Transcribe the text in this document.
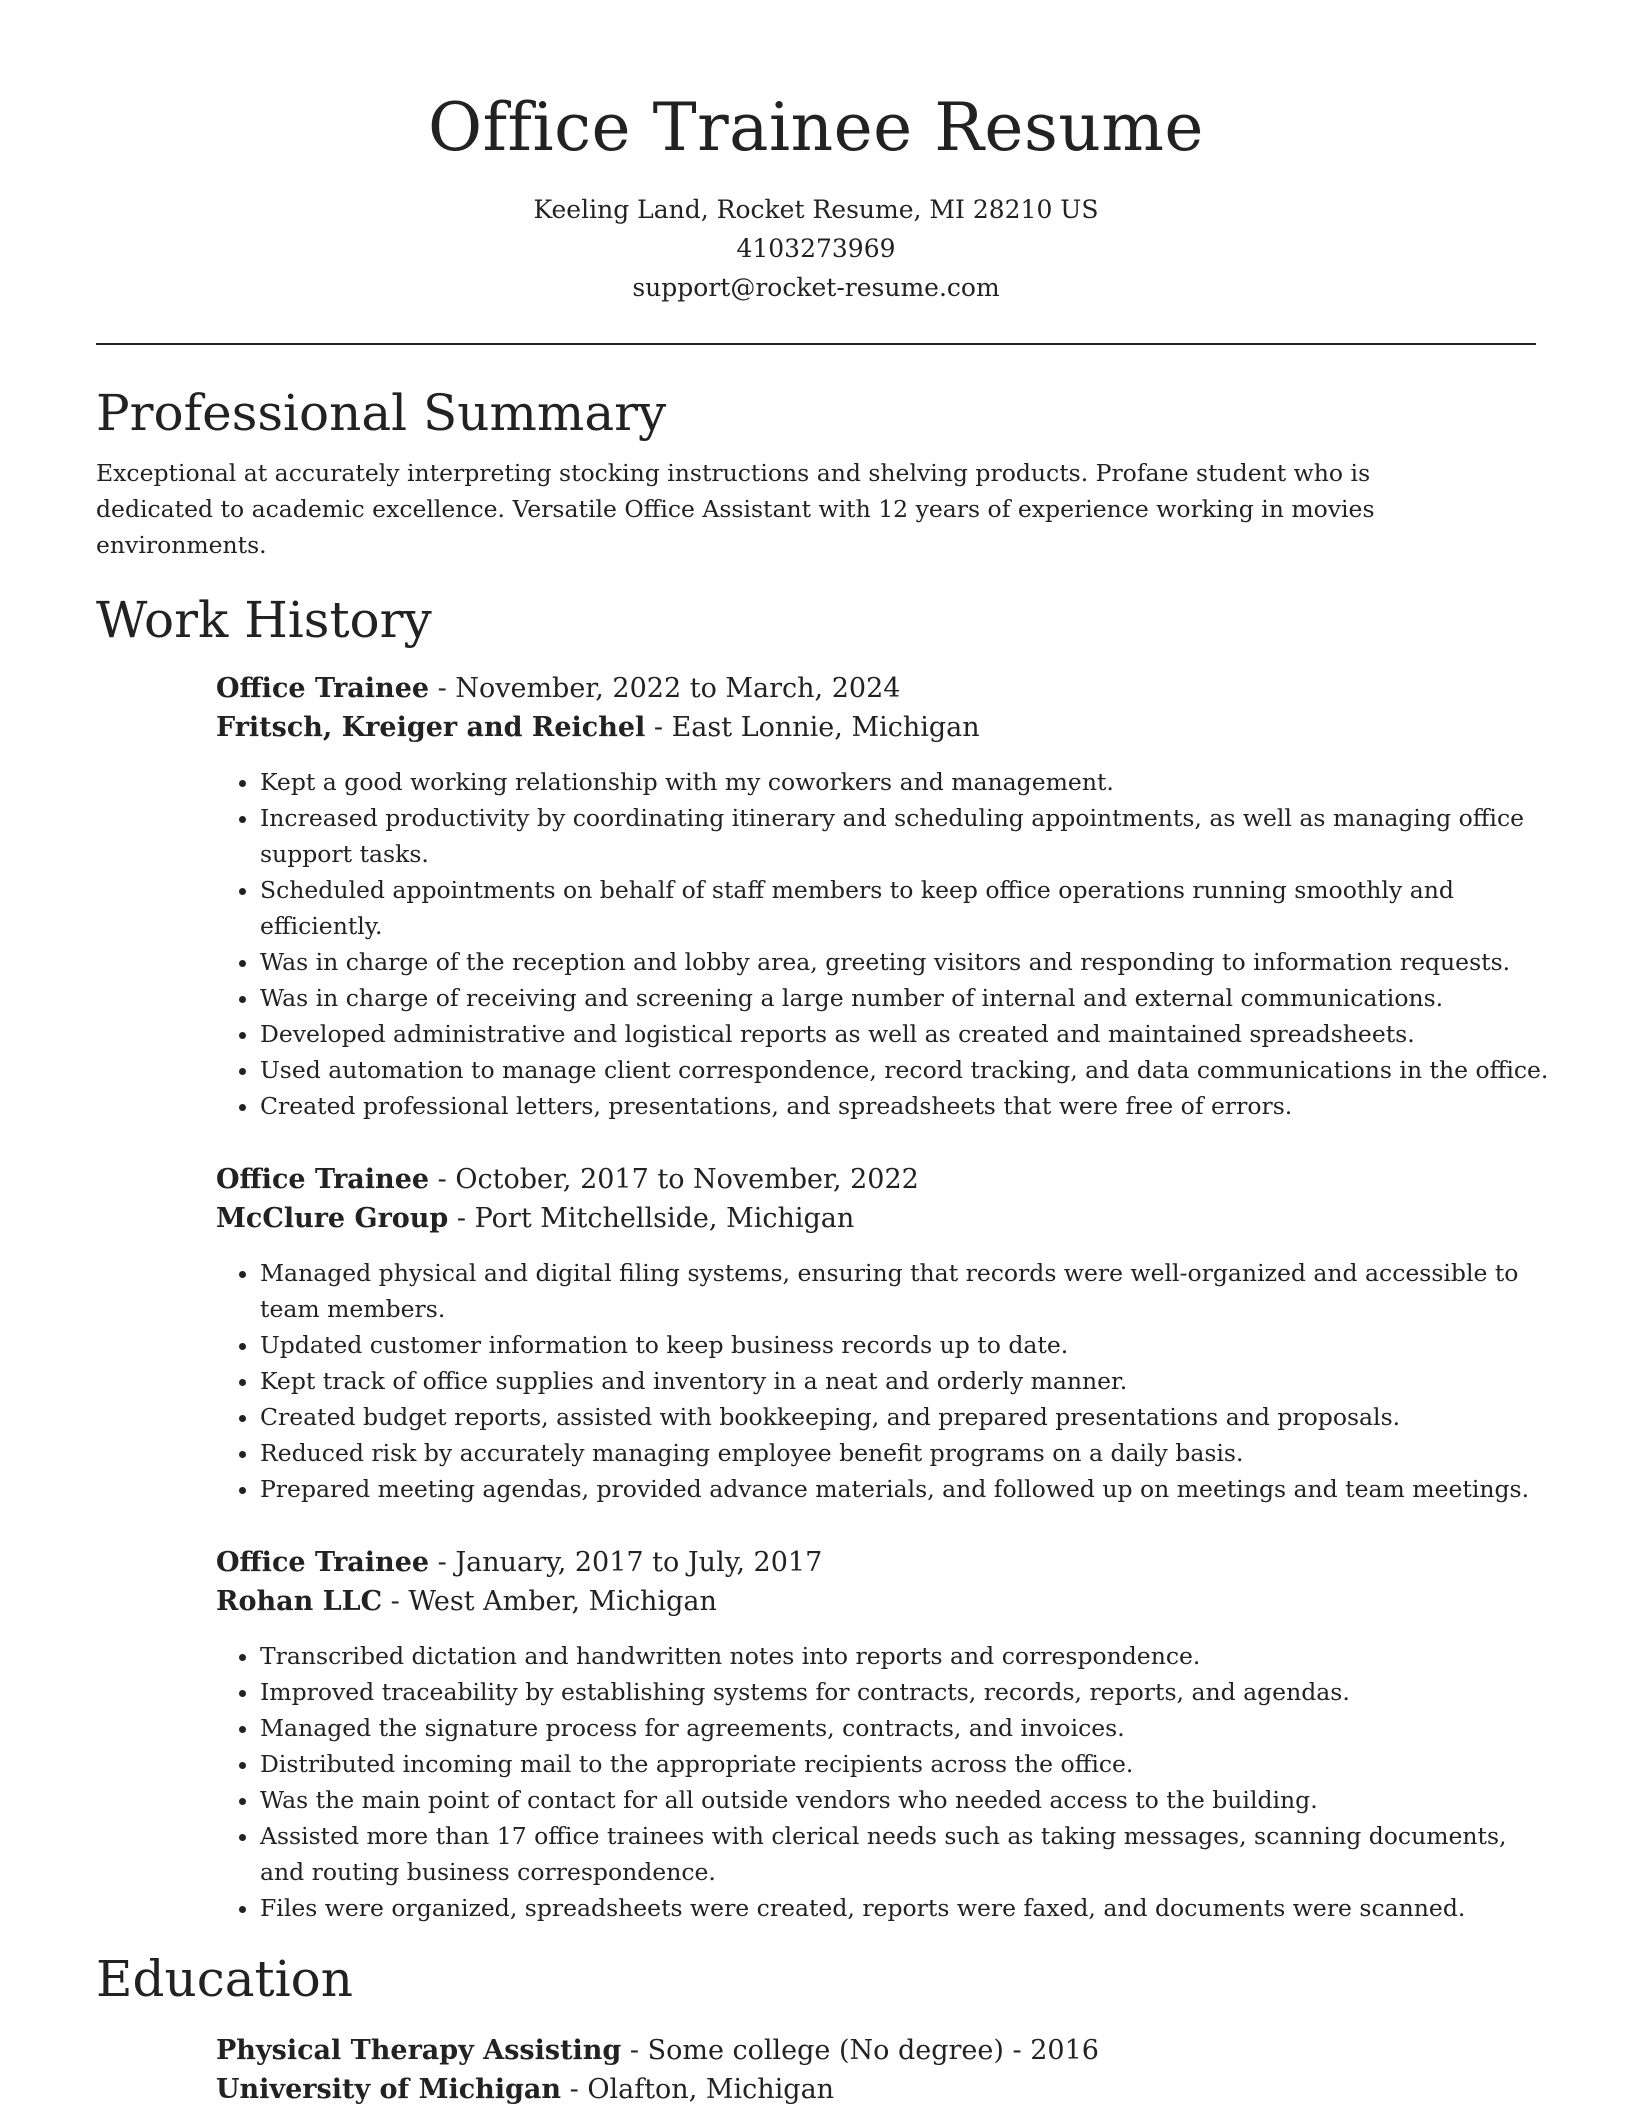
Office Trainee Resume
Keeling Land, Rocket Resume, MI 28210 US
4103273969
support@rocket-resume.com
Professional Summary

Exceptional at accurately interpreting stocking instructions and shelving products. Profane student who is dedicated to academic excellence. Versatile Office Assistant with 12 years of experience working in movies environments.

Work History
Office Trainee - November, 2022 to March, 2024
Fritsch, Kreiger and Reichel - East Lonnie, Michigan
• Kept a good working relationship with my coworkers and management.
• Increased productivity by coordinating itinerary and scheduling appointments, as well as managing office support tasks.
• Scheduled appointments on behalf of staff members to keep office operations running smoothly and efficiently.
• Was in charge of the reception and lobby area, greeting visitors and responding to information requests.
• Was in charge of receiving and screening a large number of internal and external communications.
• Developed administrative and logistical reports as well as created and maintained spreadsheets.
• Used automation to manage client correspondence, record tracking, and data communications in the office.
• Created professional letters, presentations, and spreadsheets that were free of errors.
Office Trainee - October, 2017 to November, 2022
McClure Group - Port Mitchellside, Michigan
• Managed physical and digital filing systems, ensuring that records were well-organized and accessible to team members.
• Updated customer information to keep business records up to date.
• Kept track of office supplies and inventory in a neat and orderly manner.
• Created budget reports, assisted with bookkeeping, and prepared presentations and proposals.
• Reduced risk by accurately managing employee benefit programs on a daily basis.
• Prepared meeting agendas, provided advance materials, and followed up on meetings and team meetings.
Office Trainee - January, 2017 to July, 2017
Rohan LLC - West Amber, Michigan
• Transcribed dictation and handwritten notes into reports and correspondence.
• Improved traceability by establishing systems for contracts, records, reports, and agendas.
• Managed the signature process for agreements, contracts, and invoices.
• Distributed incoming mail to the appropriate recipients across the office.
• Was the main point of contact for all outside vendors who needed access to the building.
• Assisted more than 17 office trainees with clerical needs such as taking messages, scanning documents, and routing business correspondence.
• Files were organized, spreadsheets were created, reports were faxed, and documents were scanned.
Education
Physical Therapy Assisting - Some college (No degree) - 2016
University of Michigan - Olafton, Michigan
